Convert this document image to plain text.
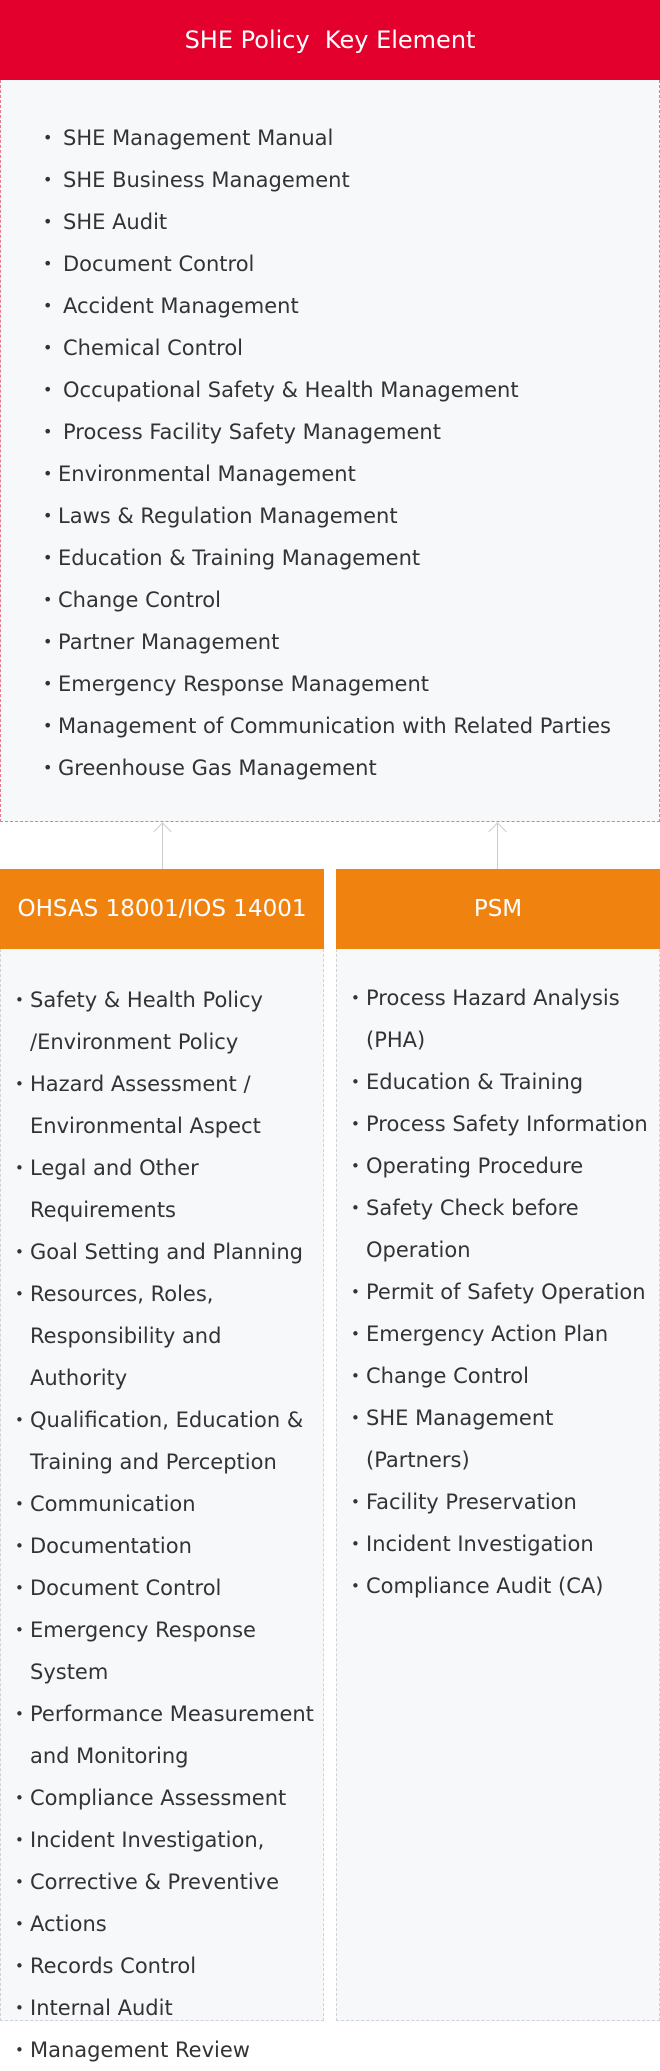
SHE Policy  Key Element
• SHE Management Manual
• SHE Business Management
• SHE Audit
• Document Control
• Accident Management
• Chemical Control
• Occupational Safety & Health Management
• Process Facility Safety Management
• Environmental Management
• Laws & Regulation Management
• Education & Training Management
• Change Control
• Partner Management
• Emergency Response Management
• Management of Communication with Related Parties
• Greenhouse Gas Management
OHSAS 18001/IOS 14001
• Safety & Health Policy
/Environment Policy
• Hazard Assessment /
Environmental Aspect
• Legal and Other
Requirements
• Goal Setting and Planning
• Resources, Roles,
Responsibility and Authority
• Qualification, Education &
Training and Perception
• Communication
• Documentation
• Document Control
• Emergency Response System
• Performance Measurement
and Monitoring
• Compliance Assessment
• Incident Investigation,
• Corrective & Preventive
• Actions
• Records Control
• Internal Audit
• Management Review
PSM
• Process Hazard Analysis
(PHA)
• Education & Training
• Process Safety Information
• Operating Procedure
• Safety Check before Operation
• Permit of Safety Operation
• Emergency Action Plan
• Change Control
• SHE Management (Partners)
• Facility Preservation
• Incident Investigation
• Compliance Audit (CA)
